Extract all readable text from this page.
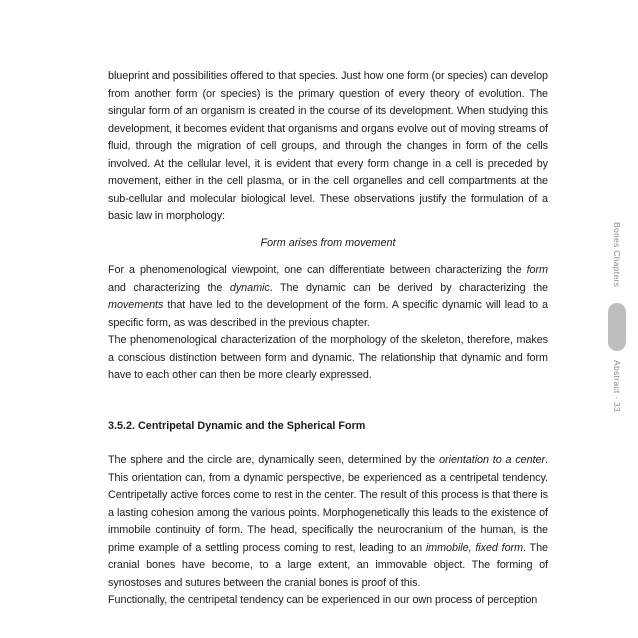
blueprint and possibilities offered to that species. Just how one form (or species) can develop from another form (or species) is the primary question of every theory of evolution. The singular form of an organism is created in the course of its development. When studying this development, it becomes evident that organisms and organs evolve out of moving streams of fluid, through the migration of cell groups, and through the changes in form of the cells involved. At the cellular level, it is evident that every form change in a cell is preceded by movement, either in the cell plasma, or in the cell organelles and cell compartments at the sub-cellular and molecular biological level. These observations justify the formulation of a basic law in morphology:

Form arises from movement

For a phenomenological viewpoint, one can differentiate between characterizing the form and characterizing the dynamic. The dynamic can be derived by characterizing the movements that have led to the development of the form. A specific dynamic will lead to a specific form, as was described in the previous chapter.

The phenomenological characterization of the morphology of the skeleton, therefore, makes a conscious distinction between form and dynamic. The relationship that dynamic and form have to each other can then be more clearly expressed.

3.5.2. Centripetal Dynamic and the Spherical Form

The sphere and the circle are, dynamically seen, determined by the orientation to a center. This orientation can, from a dynamic perspective, be experienced as a centripetal tendency. Centripetally active forces come to rest in the center. The result of this process is that there is a lasting cohesion among the various points. Morphogenetically this leads to the existence of immobile continuity of form. The head, specifically the neurocranium of the human, is the prime example of a settling process coming to rest, leading to an immobile, fixed form. The cranial bones have become, to a large extent, an immovable object. The forming of synostoses and sutures between the cranial bones is proof of this.

Functionally, the centripetal tendency can be experienced in our own process of perception

Bones Chapters
Abstract · 33
